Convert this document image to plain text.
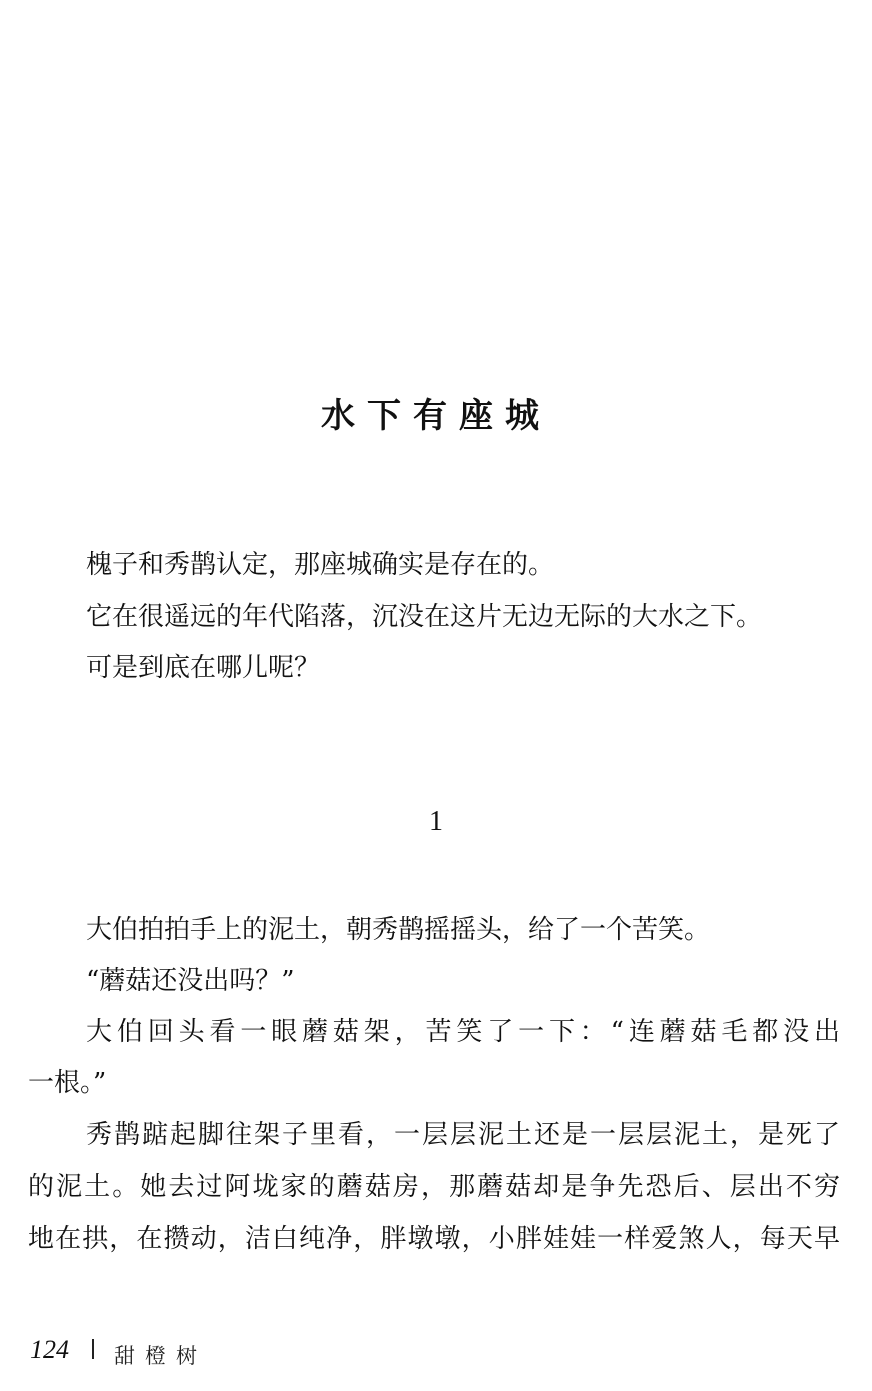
水下有座城
槐子和秀鹊认定，那座城确实是存在的。
它在很遥远的年代陷落，沉没在这片无边无际的大水之下。
可是到底在哪儿呢？
1
大伯拍拍手上的泥土，朝秀鹊摇摇头，给了一个苦笑。
“蘑菇还没出吗？”
大伯回头看一眼蘑菇架，苦笑了一下：“连蘑菇毛都没出
一根。”
秀鹊踮起脚往架子里看，一层层泥土还是一层层泥土，是死了
的泥土。她去过阿垅家的蘑菇房，那蘑菇却是争先恐后、层出不穷
地在拱，在攒动，洁白纯净，胖墩墩，小胖娃娃一样爱煞人，每天早
124 甜橙树
